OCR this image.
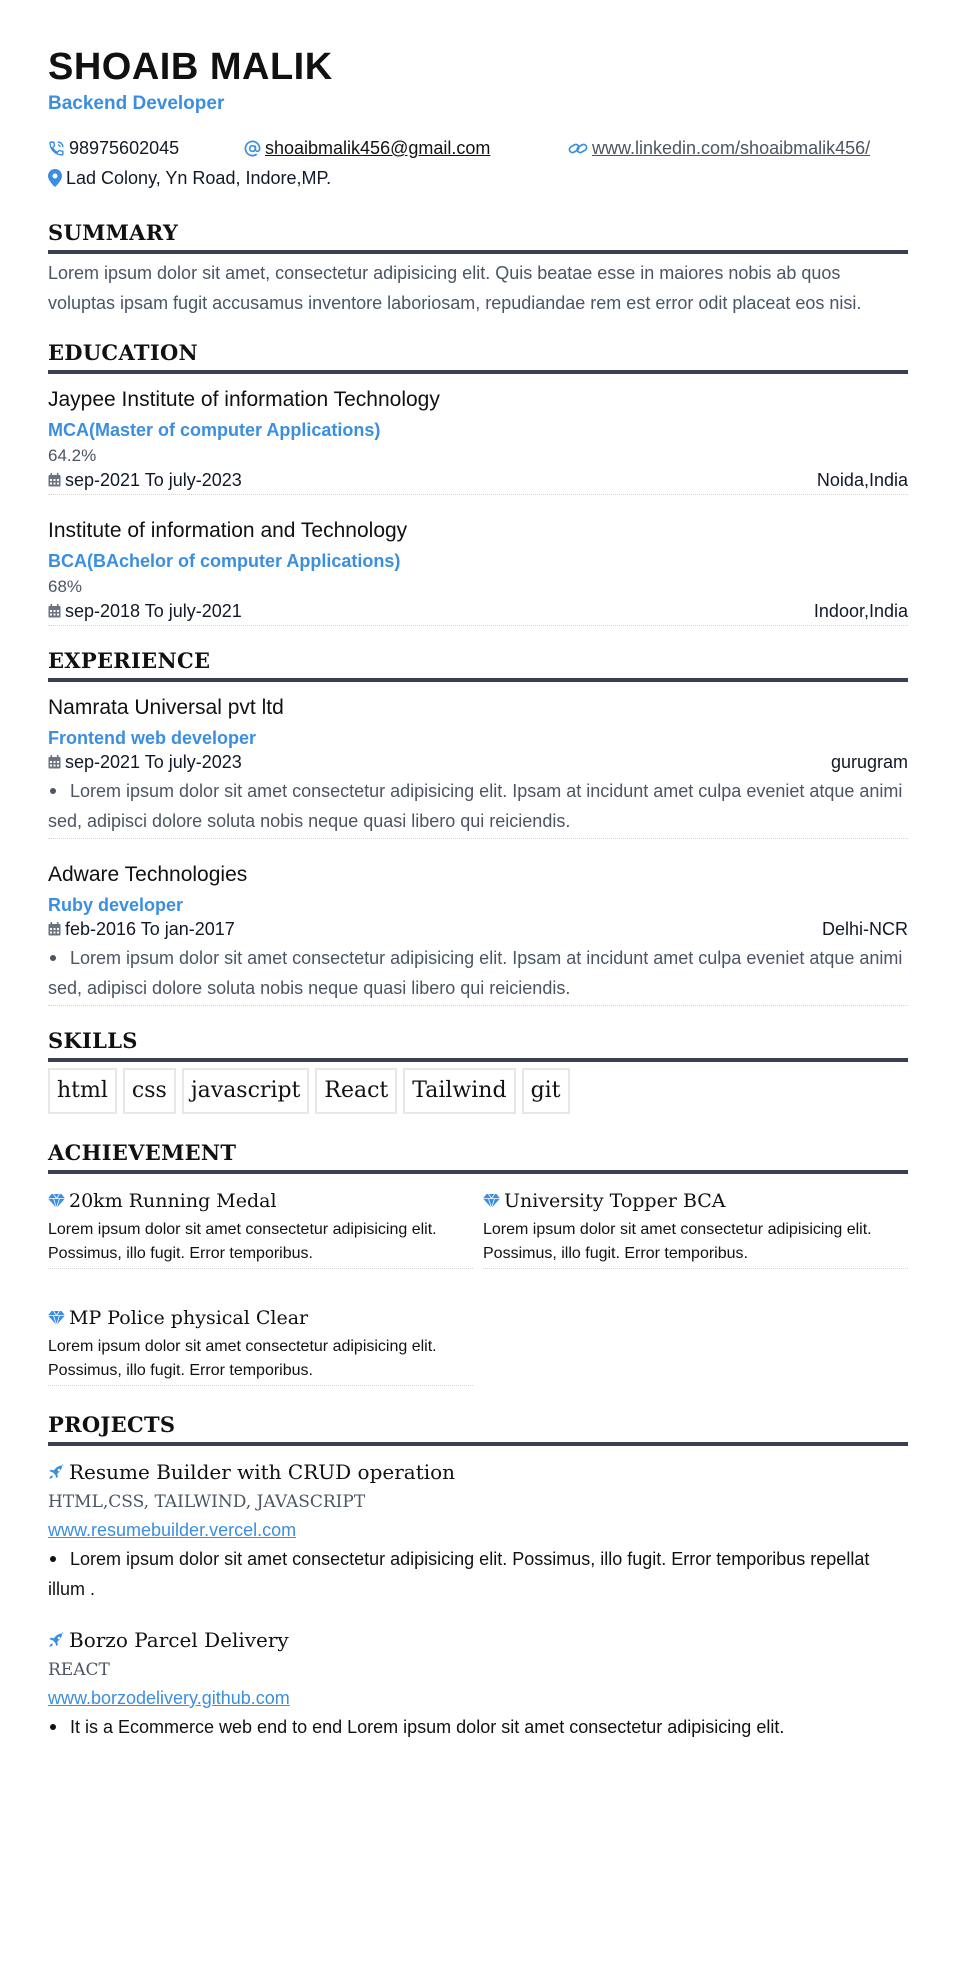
SHOAIB MALIK
Backend Developer
98975602045	shoaibmalik456@gmail.com	www.linkedin.com/shoaibmalik456/
Lad Colony, Yn Road, Indore,MP.
SUMMARY
Lorem ipsum dolor sit amet, consectetur adipisicing elit. Quis beatae esse in maiores nobis ab quos voluptas ipsam fugit accusamus inventore laboriosam, repudiandae rem est error odit placeat eos nisi.
EDUCATION
Jaypee Institute of information Technology
MCA(Master of computer Applications)
64.2%
sep-2021 To july-2023	Noida,India
Institute of information and Technology
BCA(BAchelor of computer Applications)
68%
sep-2018 To july-2021	Indoor,India
EXPERIENCE
Namrata Universal pvt ltd
Frontend web developer
sep-2021 To july-2023	gurugram
Lorem ipsum dolor sit amet consectetur adipisicing elit. Ipsam at incidunt amet culpa eveniet atque animi sed, adipisci dolore soluta nobis neque quasi libero qui reiciendis.
Adware Technologies
Ruby developer
feb-2016 To jan-2017	Delhi-NCR
Lorem ipsum dolor sit amet consectetur adipisicing elit. Ipsam at incidunt amet culpa eveniet atque animi sed, adipisci dolore soluta nobis neque quasi libero qui reiciendis.
SKILLS
html	css	javascript	React	Tailwind	git
ACHIEVEMENT
20km Running Medal
Lorem ipsum dolor sit amet consectetur adipisicing elit. Possimus, illo fugit. Error temporibus.
University Topper BCA
Lorem ipsum dolor sit amet consectetur adipisicing elit. Possimus, illo fugit. Error temporibus.
MP Police physical Clear
Lorem ipsum dolor sit amet consectetur adipisicing elit. Possimus, illo fugit. Error temporibus.
PROJECTS
Resume Builder with CRUD operation
HTML,CSS, TAILWIND, JAVASCRIPT
www.resumebuilder.vercel.com
Lorem ipsum dolor sit amet consectetur adipisicing elit. Possimus, illo fugit. Error temporibus repellat illum .
Borzo Parcel Delivery
REACT
www.borzodelivery.github.com
It is a Ecommerce web end to end Lorem ipsum dolor sit amet consectetur adipisicing elit.
